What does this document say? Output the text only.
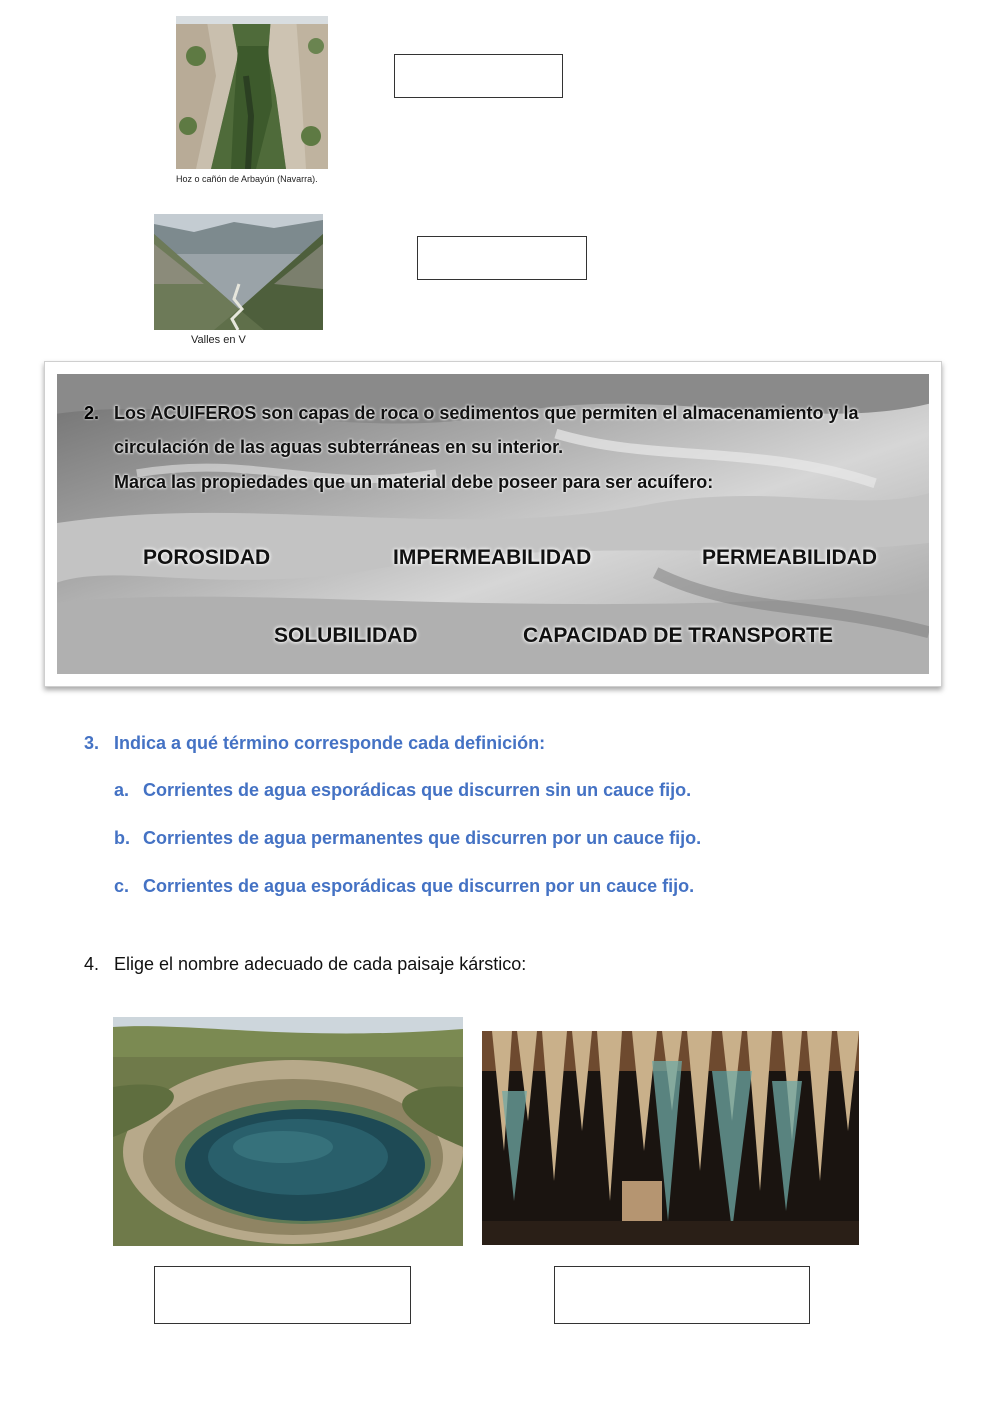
Hoz o cañón de Arbayún (Navarra).
Valles en V
2. Los ACUIFEROS son capas de roca o sedimentos que permiten el almacenamiento y la
circulación de las aguas subterráneas en su interior.
Marca las propiedades que un material debe poseer para ser acuífero:
POROSIDAD	IMPERMEABILIDAD	PERMEABILIDAD
SOLUBILIDAD	CAPACIDAD DE TRANSPORTE
3. Indica a qué término corresponde cada definición:
a. Corrientes de agua esporádicas que discurren sin un cauce fijo.
b. Corrientes de agua permanentes que discurren por un cauce fijo.
c. Corrientes de agua esporádicas que discurren por un cauce fijo.
4. Elige el nombre adecuado de cada paisaje kárstico:
